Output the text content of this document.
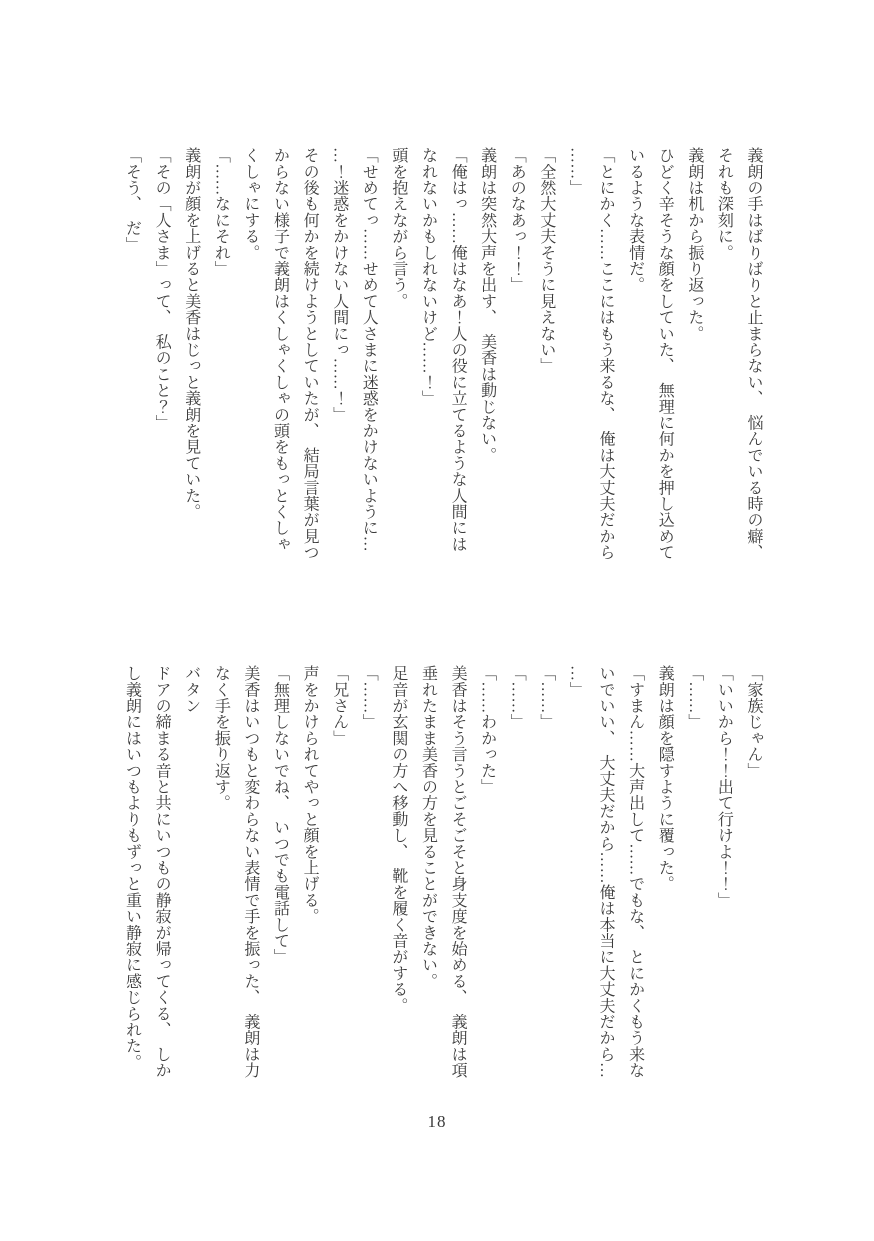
義朗の手はばりばりと止まらない、　悩んでいる時の癖、
それも深刻に。
義朗は机から振り返った。
ひどく辛そうな顔をしていた、　無理に何かを押し込めて
いるような表情だ。
「とにかく……ここにはもう来るな、　俺は大丈夫だから
……」
「全然大丈夫そうに見えない」
「あのなあっ！！」
義朗は突然大声を出す、　美香は動じない。
「俺はっ……俺はなあ！人の役に立てるような人間には
なれないかもしれないけど……！」
頭を抱えながら言う。
「せめてっ……せめて人さまに迷惑をかけないように…
…！迷惑をかけない人間にっ……！」
その後も何かを続けようとしていたが、　結局言葉が見つ
からない様子で義朗はくしゃくしゃの頭をもっとくしゃ
くしゃにする。
「……なにそれ」
義朗が顔を上げると美香はじっと義朗を見ていた。
「その「人さま」って、　私のこと？」
「そう、　だ」
「家族じゃん」
「いいから！！出て行けよ！！」
「……」
義朗は顔を隠すように覆った。
「すまん……大声出して……でもな、　とにかくもう来な
いでいい、　大丈夫だから……俺は本当に大丈夫だから…
…」
「……」
「……」
「……わかった」
美香はそう言うとごそごそと身支度を始める、　義朗は項
垂れたまま美香の方を見ることができない。
足音が玄関の方へ移動し、　靴を履く音がする。
「……」
「兄さん」
声をかけられてやっと顔を上げる。
「無理しないでね、　いつでも電話して」
美香はいつもと変わらない表情で手を振った、　義朗は力
なく手を振り返す。
バタン
ドアの締まる音と共にいつもの静寂が帰ってくる、　しか
し義朗にはいつもよりもずっと重い静寂に感じられた。
18
